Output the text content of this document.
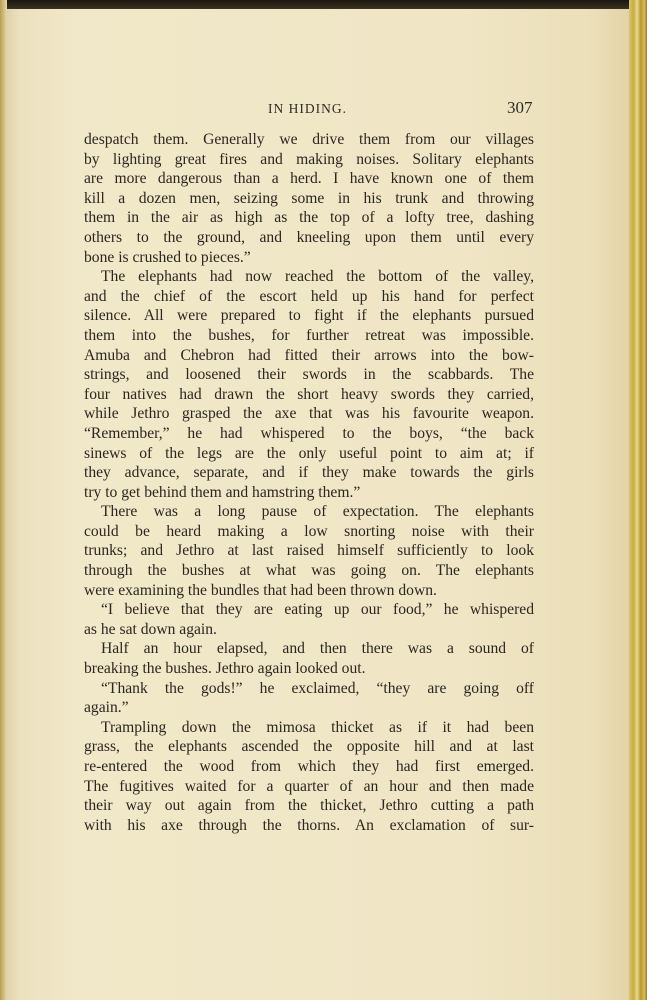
IN HIDING.	307
despatch them. Generally we drive them from our villages
by lighting great fires and making noises. Solitary elephants
are more dangerous than a herd. I have known one of them
kill a dozen men, seizing some in his trunk and throwing
them in the air as high as the top of a lofty tree, dashing
others to the ground, and kneeling upon them until every
bone is crushed to pieces.”
The elephants had now reached the bottom of the valley,
and the chief of the escort held up his hand for perfect
silence. All were prepared to fight if the elephants pursued
them into the bushes, for further retreat was impossible.
Amuba and Chebron had fitted their arrows into the bow-
strings, and loosened their swords in the scabbards. The
four natives had drawn the short heavy swords they carried,
while Jethro grasped the axe that was his favourite weapon.
“Remember,” he had whispered to the boys, “the back
sinews of the legs are the only useful point to aim at; if
they advance, separate, and if they make towards the girls
try to get behind them and hamstring them.”
There was a long pause of expectation. The elephants
could be heard making a low snorting noise with their
trunks; and Jethro at last raised himself sufficiently to look
through the bushes at what was going on. The elephants
were examining the bundles that had been thrown down.
“I believe that they are eating up our food,” he whispered
as he sat down again.
Half an hour elapsed, and then there was a sound of
breaking the bushes. Jethro again looked out.
“Thank the gods!” he exclaimed, “they are going off
again.”
Trampling down the mimosa thicket as if it had been
grass, the elephants ascended the opposite hill and at last
re-entered the wood from which they had first emerged.
The fugitives waited for a quarter of an hour and then made
their way out again from the thicket, Jethro cutting a path
with his axe through the thorns. An exclamation of sur-
